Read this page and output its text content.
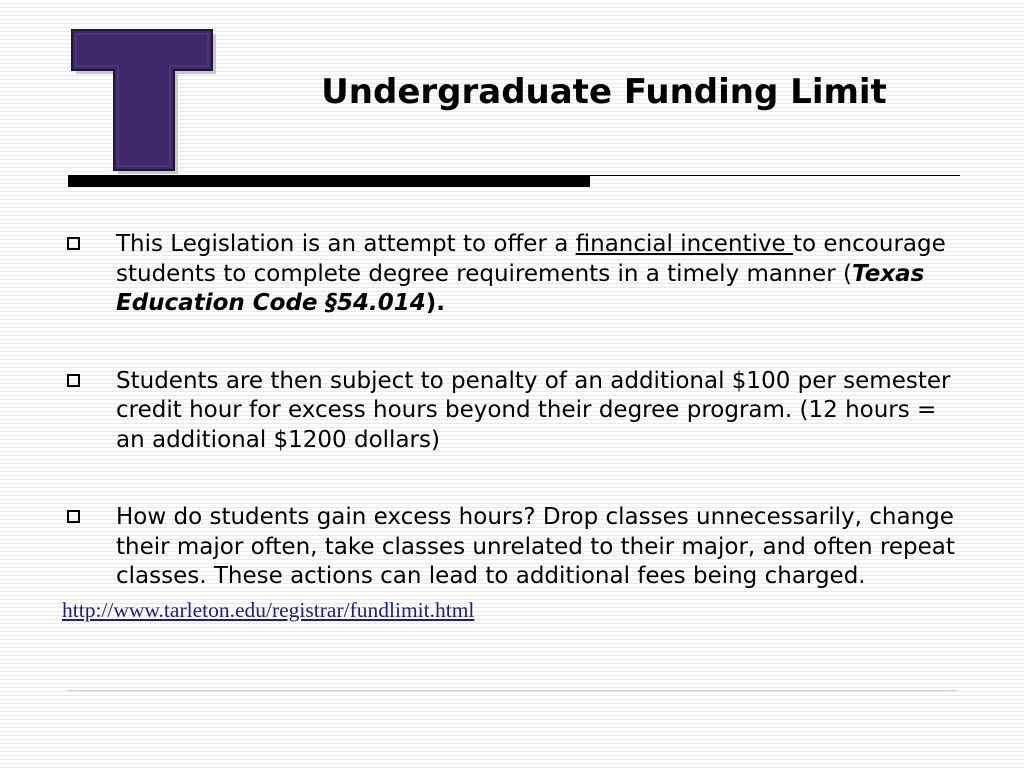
Undergraduate Funding Limit
This Legislation is an attempt to offer a financial incentive to encourage students to complete degree requirements in a timely manner (Texas Education Code §54.014).
Students are then subject to penalty of an additional $100 per semester credit hour for excess hours beyond their degree program. (12 hours = an additional $1200 dollars)
How do students gain excess hours? Drop classes unnecessarily, change their major often, take classes unrelated to their major, and often repeat classes. These actions can lead to additional fees being charged.
http://www.tarleton.edu/registrar/fundlimit.html
